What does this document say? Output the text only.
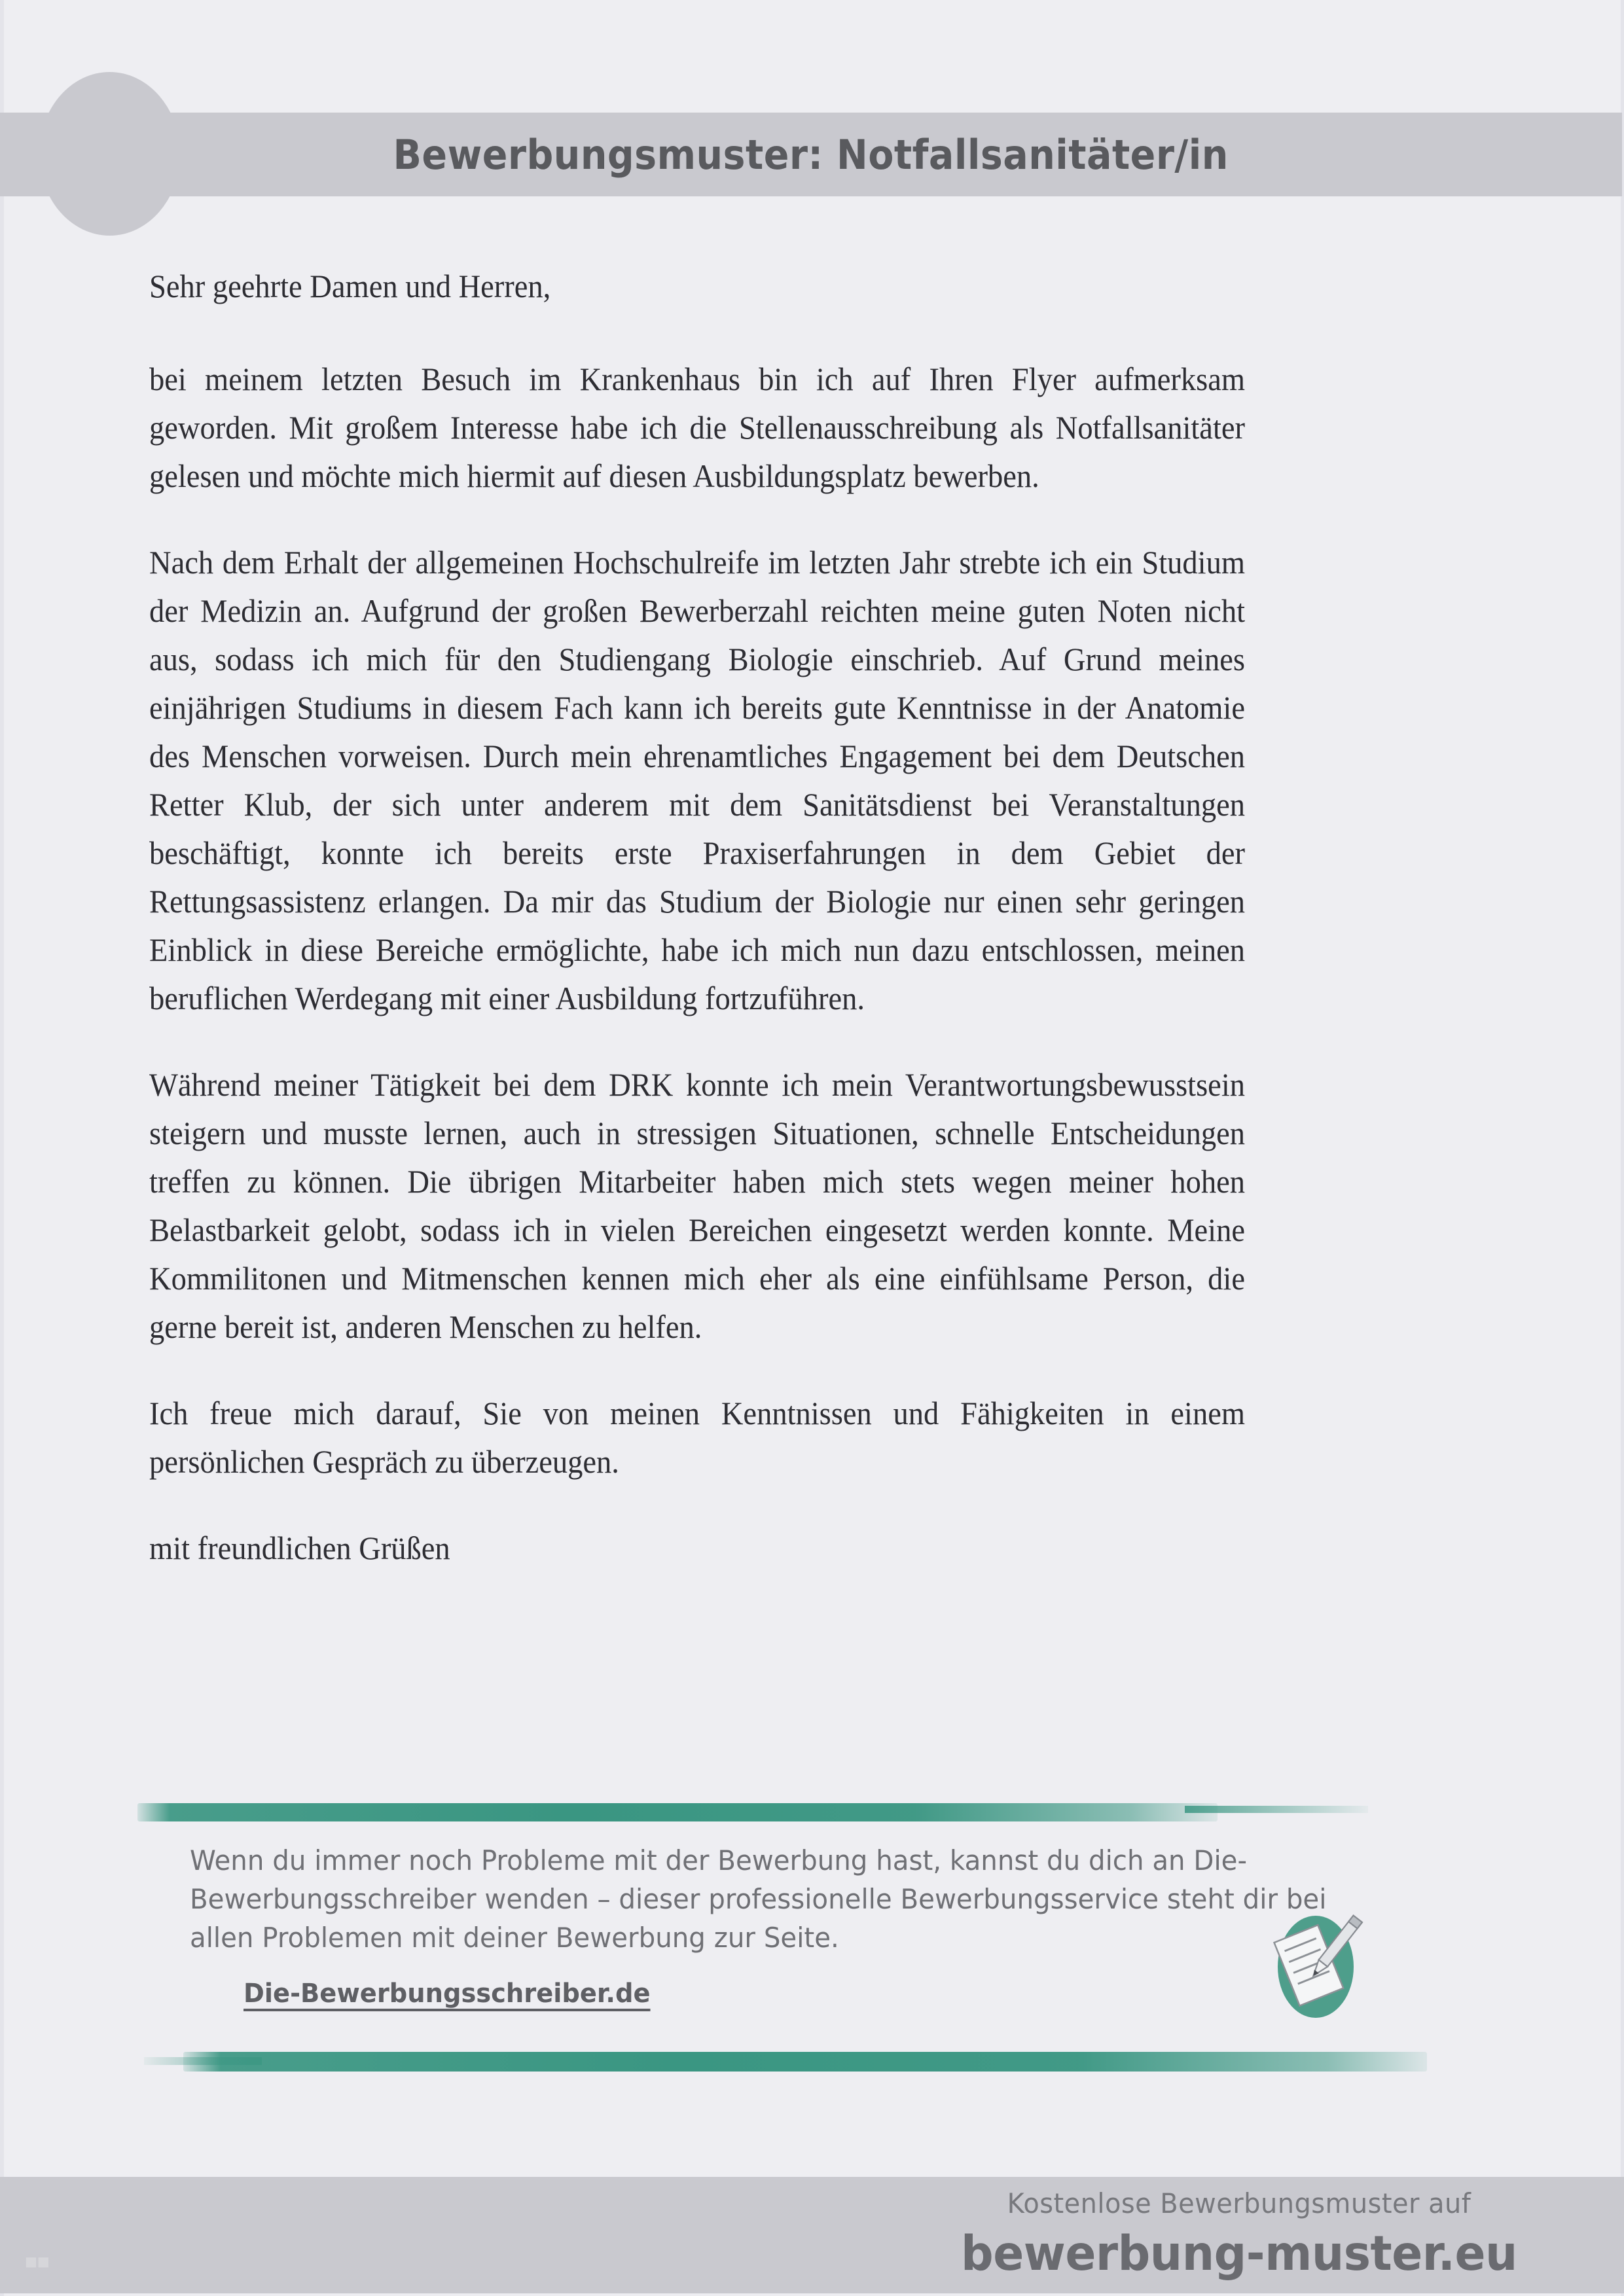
Bewerbungsmuster: Notfallsanitäter/in

Sehr geehrte Damen und Herren,

bei meinem letzten Besuch im Krankenhaus bin ich auf Ihren Flyer aufmerksam geworden. Mit großem Interesse habe ich die Stellenausschreibung als Notfallsanitäter gelesen und möchte mich hiermit auf diesen Ausbildungsplatz bewerben.

Nach dem Erhalt der allgemeinen Hochschulreife im letzten Jahr strebte ich ein Studium der Medizin an. Aufgrund der großen Bewerberzahl reichten meine guten Noten nicht aus, sodass ich mich für den Studiengang Biologie einschrieb. Auf Grund meines einjährigen Studiums in diesem Fach kann ich bereits gute Kenntnisse in der Anatomie des Menschen vorweisen. Durch mein ehrenamtliches Engagement bei dem Deutschen Retter Klub, der sich unter anderem mit dem Sanitätsdienst bei Veranstaltungen beschäftigt, konnte ich bereits erste Praxiserfahrungen in dem Gebiet der Rettungsassistenz erlangen. Da mir das Studium der Biologie nur einen sehr geringen Einblick in diese Bereiche ermöglichte, habe ich mich nun dazu entschlossen, meinen beruflichen Werdegang mit einer Ausbildung fortzuführen.

Während meiner Tätigkeit bei dem DRK konnte ich mein Verantwortungsbewusstsein steigern und musste lernen, auch in stressigen Situationen, schnelle Entscheidungen treffen zu können. Die übrigen Mitarbeiter haben mich stets wegen meiner hohen Belastbarkeit gelobt, sodass ich in vielen Bereichen eingesetzt werden konnte. Meine Kommilitonen und Mitmenschen kennen mich eher als eine einfühlsame Person, die gerne bereit ist, anderen Menschen zu helfen.

Ich freue mich darauf, Sie von meinen Kenntnissen und Fähigkeiten in einem persönlichen Gespräch zu überzeugen.

mit freundlichen Grüßen

Wenn du immer noch Probleme mit der Bewerbung hast, kannst du dich an Die-Bewerbungsschreiber wenden – dieser professionelle Bewerbungsservice steht dir bei allen Problemen mit deiner Bewerbung zur Seite.
Die-Bewerbungsschreiber.de
Kostenlose Bewerbungsmuster auf
bewerbung-muster.eu
■■
